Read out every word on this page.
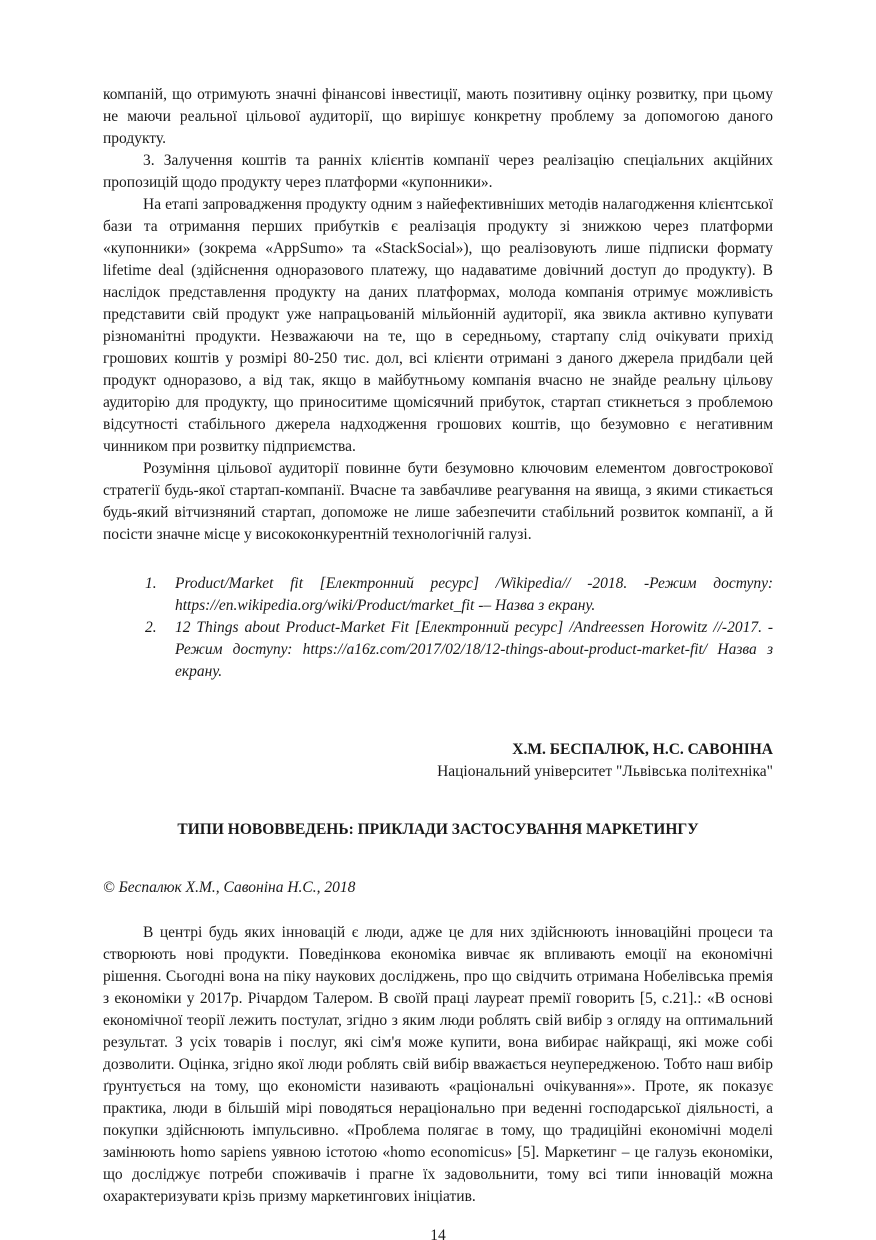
компаній, що отримують значні фінансові інвестиції, мають позитивну оцінку розвитку, при цьому не маючи реальної цільової аудиторії, що вирішує конкретну проблему за допомогою даного продукту.

3. Залучення коштів та ранніх клієнтів компанії через реалізацію спеціальних акційних пропозицій щодо продукту через платформи «купонники».

На етапі запровадження продукту одним з найефективніших методів налагодження клієнтської бази та отримання перших прибутків є реалізація продукту зі знижкою через платформи «купонники» (зокрема «AppSumo» та «StackSocial»), що реалізовують лише підписки формату lifetime deal (здійснення одноразового платежу, що надаватиме довічний доступ до продукту). В наслідок представлення продукту на даних платформах, молода компанія отримує можливість представити свій продукт уже напрацьованій мільйонній аудиторії, яка звикла активно купувати різноманітні продукти. Незважаючи на те, що в середньому, стартапу слід очікувати прихід грошових коштів у розмірі 80-250 тис. дол, всі клієнти отримані з даного джерела придбали цей продукт одноразово, а від так, якщо в майбутньому компанія вчасно не знайде реальну цільову аудиторію для продукту, що приноситиме щомісячний прибуток, стартап стикнеться з проблемою відсутності стабільного джерела надходження грошових коштів, що безумовно є негативним чинником при розвитку підприємства.

Розуміння цільової аудиторії повинне бути безумовно ключовим елементом довгострокової стратегії будь-якої стартап-компанії. Вчасне та завбачливе реагування на явища, з якими стикається будь-який вітчизняний стартап, допоможе не лише забезпечити стабільний розвиток компанії, а й посісти значне місце у висококонкурентній технологічній галузі.

1.	Product/Market fit [Електронний ресурс] /Wikipedia// -2018. -Режим доступу: https://en.wikipedia.org/wiki/Product/market_fit -– Назва з екрану.
2.	12 Things about Product-Market Fit [Електронний ресурс] /Andreessen Horowitz //-2017. - Режим доступу: https://a16z.com/2017/02/18/12-things-about-product-market-fit/ Назва з екрану.

Х.М. БЕСПАЛЮК, Н.С. САВОНІНА

Національний університет "Львівська політехніка"

ТИПИ НОВОВВЕДЕНЬ: ПРИКЛАДИ ЗАСТОСУВАННЯ МАРКЕТИНГУ

© Беспалюк Х.М., Савоніна Н.С., 2018

В центрі будь яких інновацій є люди, адже це для них здійснюють інноваційні процеси та створюють нові продукти. Поведінкова економіка вивчає як впливають емоції на економічні рішення. Сьогодні вона на піку наукових досліджень, про що свідчить отримана Нобелівська премія з економіки у 2017р. Річардом Талером. В своїй праці лауреат премії говорить [5, с.21].: «В основі економічної теорії лежить постулат, згідно з яким люди роблять свій вибір з огляду на оптимальний результат. З усіх товарів і послуг, які сім'я може купити, вона вибирає найкращі, які може собі дозволити. Оцінка, згідно якої люди роблять свій вибір вважається неупередженою. Тобто наш вибір ґрунтується на тому, що економісти називають «раціональні очікування»». Проте, як показує практика, люди в більшій мірі поводяться нераціонально при веденні господарської діяльності, а покупки здійснюють імпульсивно. «Проблема полягає в тому, що традиційні економічні моделі замінюють homo sapiens уявною істотою «homo economicus» [5]. Маркетинг – це галузь економіки, що досліджує потреби споживачів і прагне їх задовольнити, тому всі типи інновацій можна охарактеризувати крізь призму маркетингових ініціатив.

14
